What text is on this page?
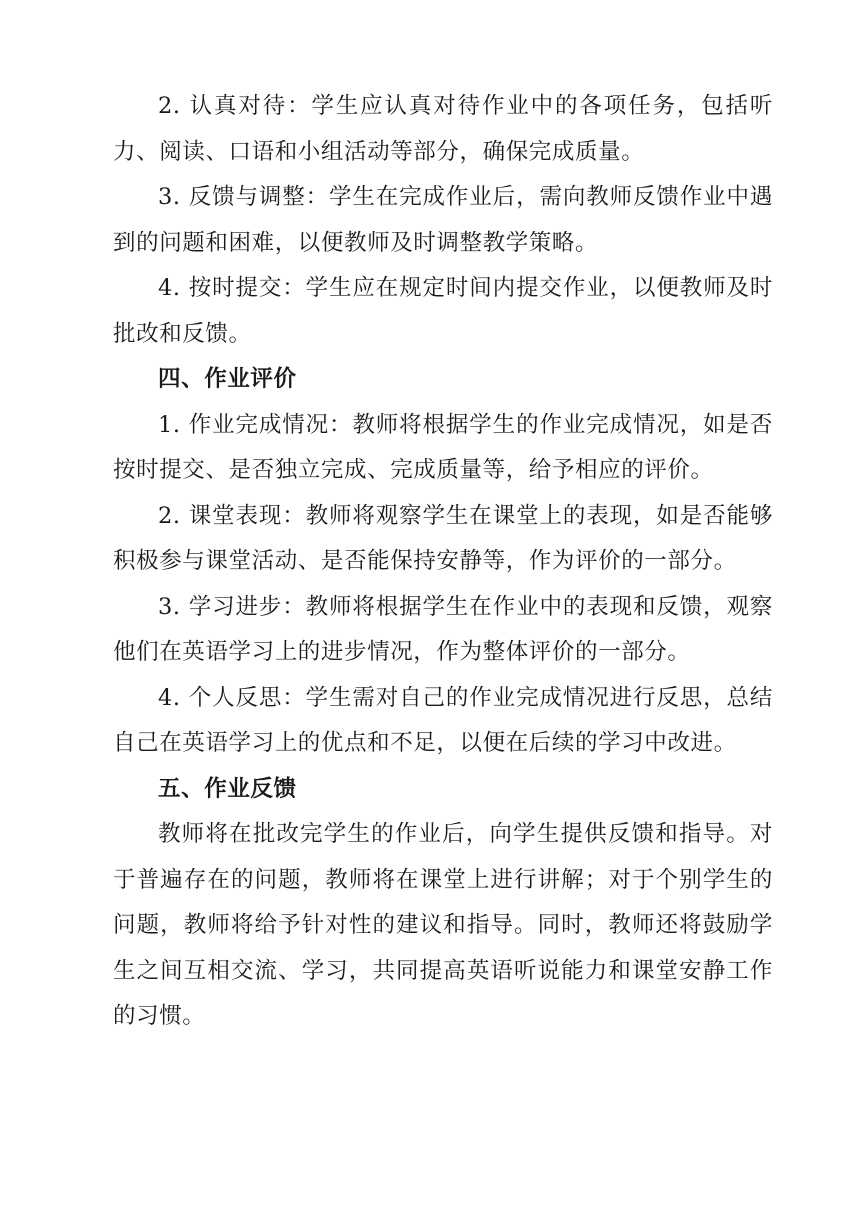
2. 认真对待：学生应认真对待作业中的各项任务，包括听力、阅读、口语和小组活动等部分，确保完成质量。

3. 反馈与调整：学生在完成作业后，需向教师反馈作业中遇到的问题和困难，以便教师及时调整教学策略。

4. 按时提交：学生应在规定时间内提交作业，以便教师及时批改和反馈。

四、作业评价

1. 作业完成情况：教师将根据学生的作业完成情况，如是否按时提交、是否独立完成、完成质量等，给予相应的评价。

2. 课堂表现：教师将观察学生在课堂上的表现，如是否能够积极参与课堂活动、是否能保持安静等，作为评价的一部分。

3. 学习进步：教师将根据学生在作业中的表现和反馈，观察他们在英语学习上的进步情况，作为整体评价的一部分。

4. 个人反思：学生需对自己的作业完成情况进行反思，总结自己在英语学习上的优点和不足，以便在后续的学习中改进。

五、作业反馈

教师将在批改完学生的作业后，向学生提供反馈和指导。对于普遍存在的问题，教师将在课堂上进行讲解；对于个别学生的问题，教师将给予针对性的建议和指导。同时，教师还将鼓励学生之间互相交流、学习，共同提高英语听说能力和课堂安静工作的习惯。
